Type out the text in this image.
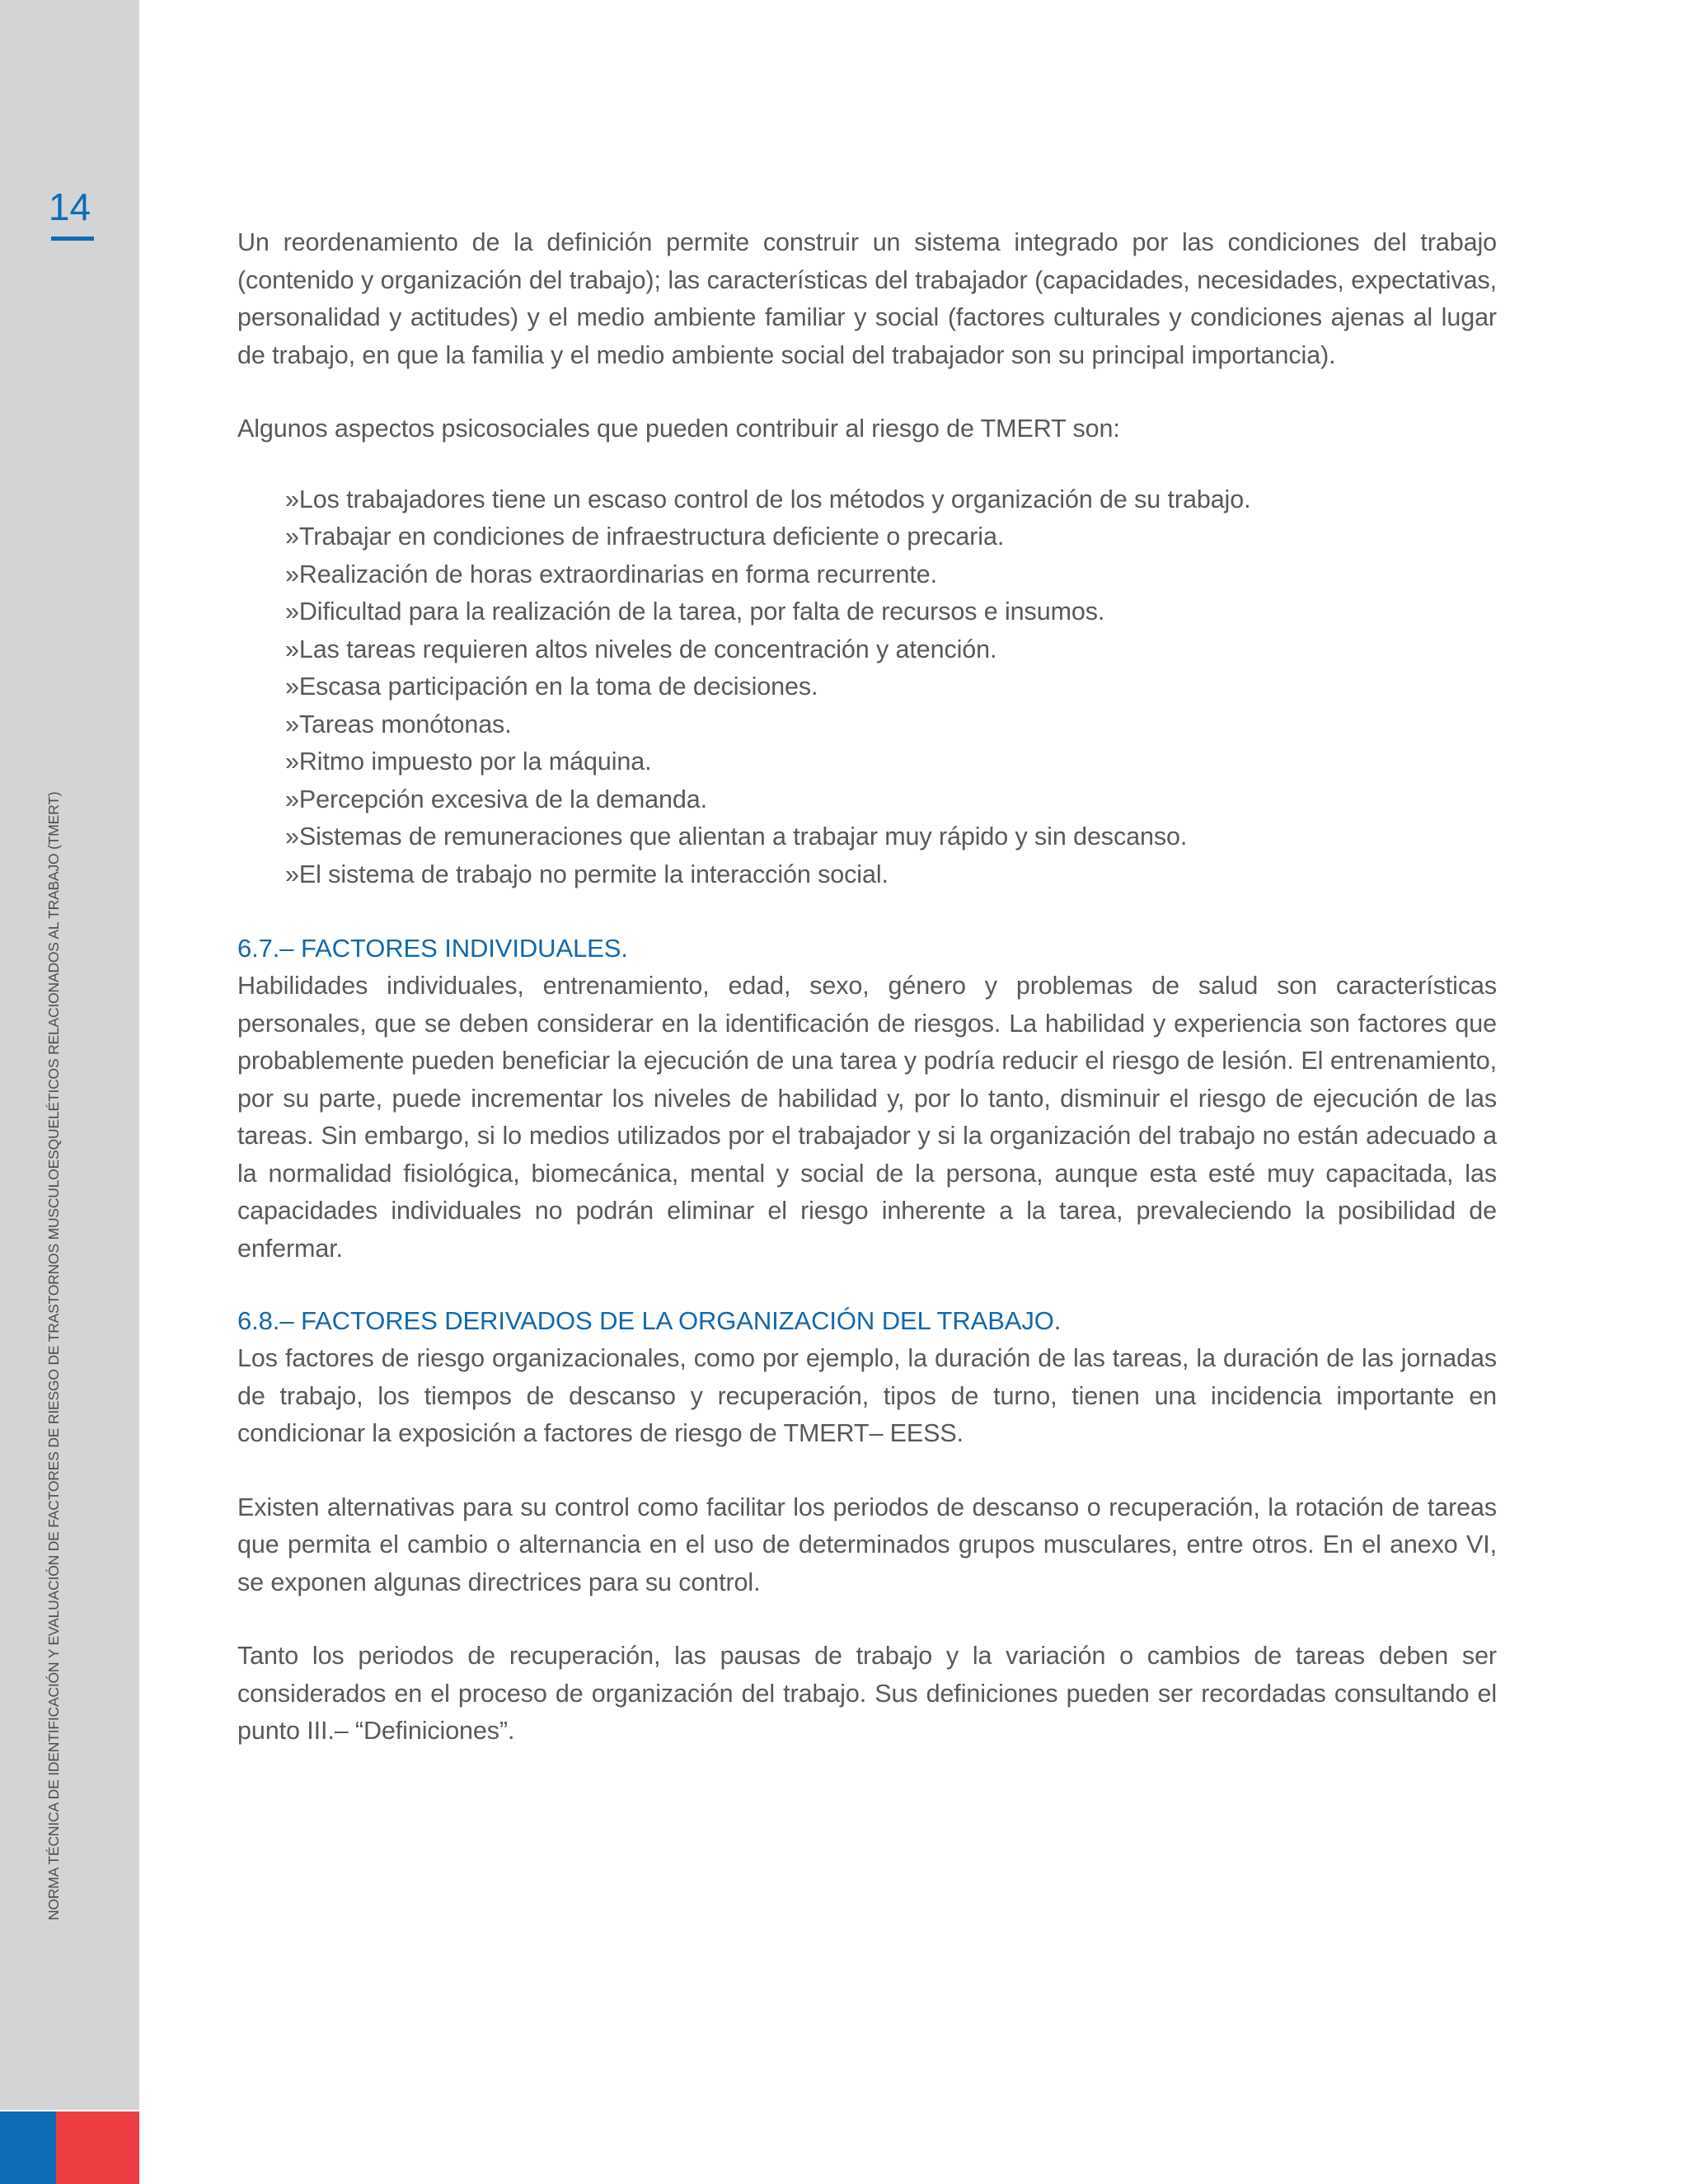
14
NORMA TÉCNICA DE IDENTIFICACIÓN Y EVALUACIÓN DE FACTORES DE RIESGO DE TRASTORNOS MUSCULOESQUELÉTICOS RELACIONADOS AL TRABAJO (TMERT)

Un reordenamiento de la definición permite construir un sistema integrado por las condiciones del trabajo (contenido y organización del trabajo); las características del trabajador (capacidades, necesidades, expectativas, personalidad y actitudes) y el medio ambiente familiar y social (factores culturales y condiciones ajenas al lugar de trabajo, en que la familia y el medio ambiente social del trabajador son su principal importancia).

Algunos aspectos psicosociales que pueden contribuir al riesgo de TMERT son:

»Los trabajadores tiene un escaso control de los métodos y organización de su trabajo.
»Trabajar en condiciones de infraestructura deficiente o precaria.
»Realización de horas extraordinarias en forma recurrente.
»Dificultad para la realización de la tarea, por falta de recursos e insumos.
»Las tareas requieren altos niveles de concentración y atención.
»Escasa participación en la toma de decisiones.
»Tareas monótonas.
»Ritmo impuesto por la máquina.
»Percepción excesiva de la demanda.
»Sistemas de remuneraciones que alientan a trabajar muy rápido y sin descanso.
»El sistema de trabajo no permite la interacción social.
6.7.– FACTORES INDIVIDUALES.

Habilidades individuales, entrenamiento, edad, sexo, género y problemas de salud son características personales, que se deben considerar en la identificación de riesgos. La habilidad y experiencia son factores que probablemente pueden beneficiar la ejecución de una tarea y podría reducir el riesgo de lesión. El entrenamiento, por su parte, puede incrementar los niveles de habilidad y, por lo tanto, disminuir el riesgo de ejecución de las tareas. Sin embargo, si lo medios utilizados por el trabajador y si la organización del trabajo no están adecuado a la normalidad fisiológica, biomecánica, mental y social de la persona, aunque esta esté muy capacitada, las capacidades individuales no podrán eliminar el riesgo inherente a la tarea, prevaleciendo la posibilidad de enfermar.

6.8.– FACTORES DERIVADOS DE LA ORGANIZACIÓN DEL TRABAJO.

Los factores de riesgo organizacionales, como por ejemplo, la duración de las tareas, la duración de las jornadas de trabajo, los tiempos de descanso y recuperación, tipos de turno, tienen una incidencia importante en condicionar la exposición a factores de riesgo de TMERT– EESS.

Existen alternativas para su control como facilitar los periodos de descanso o recuperación, la rotación de tareas que permita el cambio o alternancia en el uso de determinados grupos musculares, entre otros. En el anexo VI, se exponen algunas directrices para su control.

Tanto los periodos de recuperación, las pausas de trabajo y la variación o cambios de tareas deben ser considerados en el proceso de organización del trabajo. Sus definiciones pueden ser recordadas consultando el punto III.– “Definiciones”.
